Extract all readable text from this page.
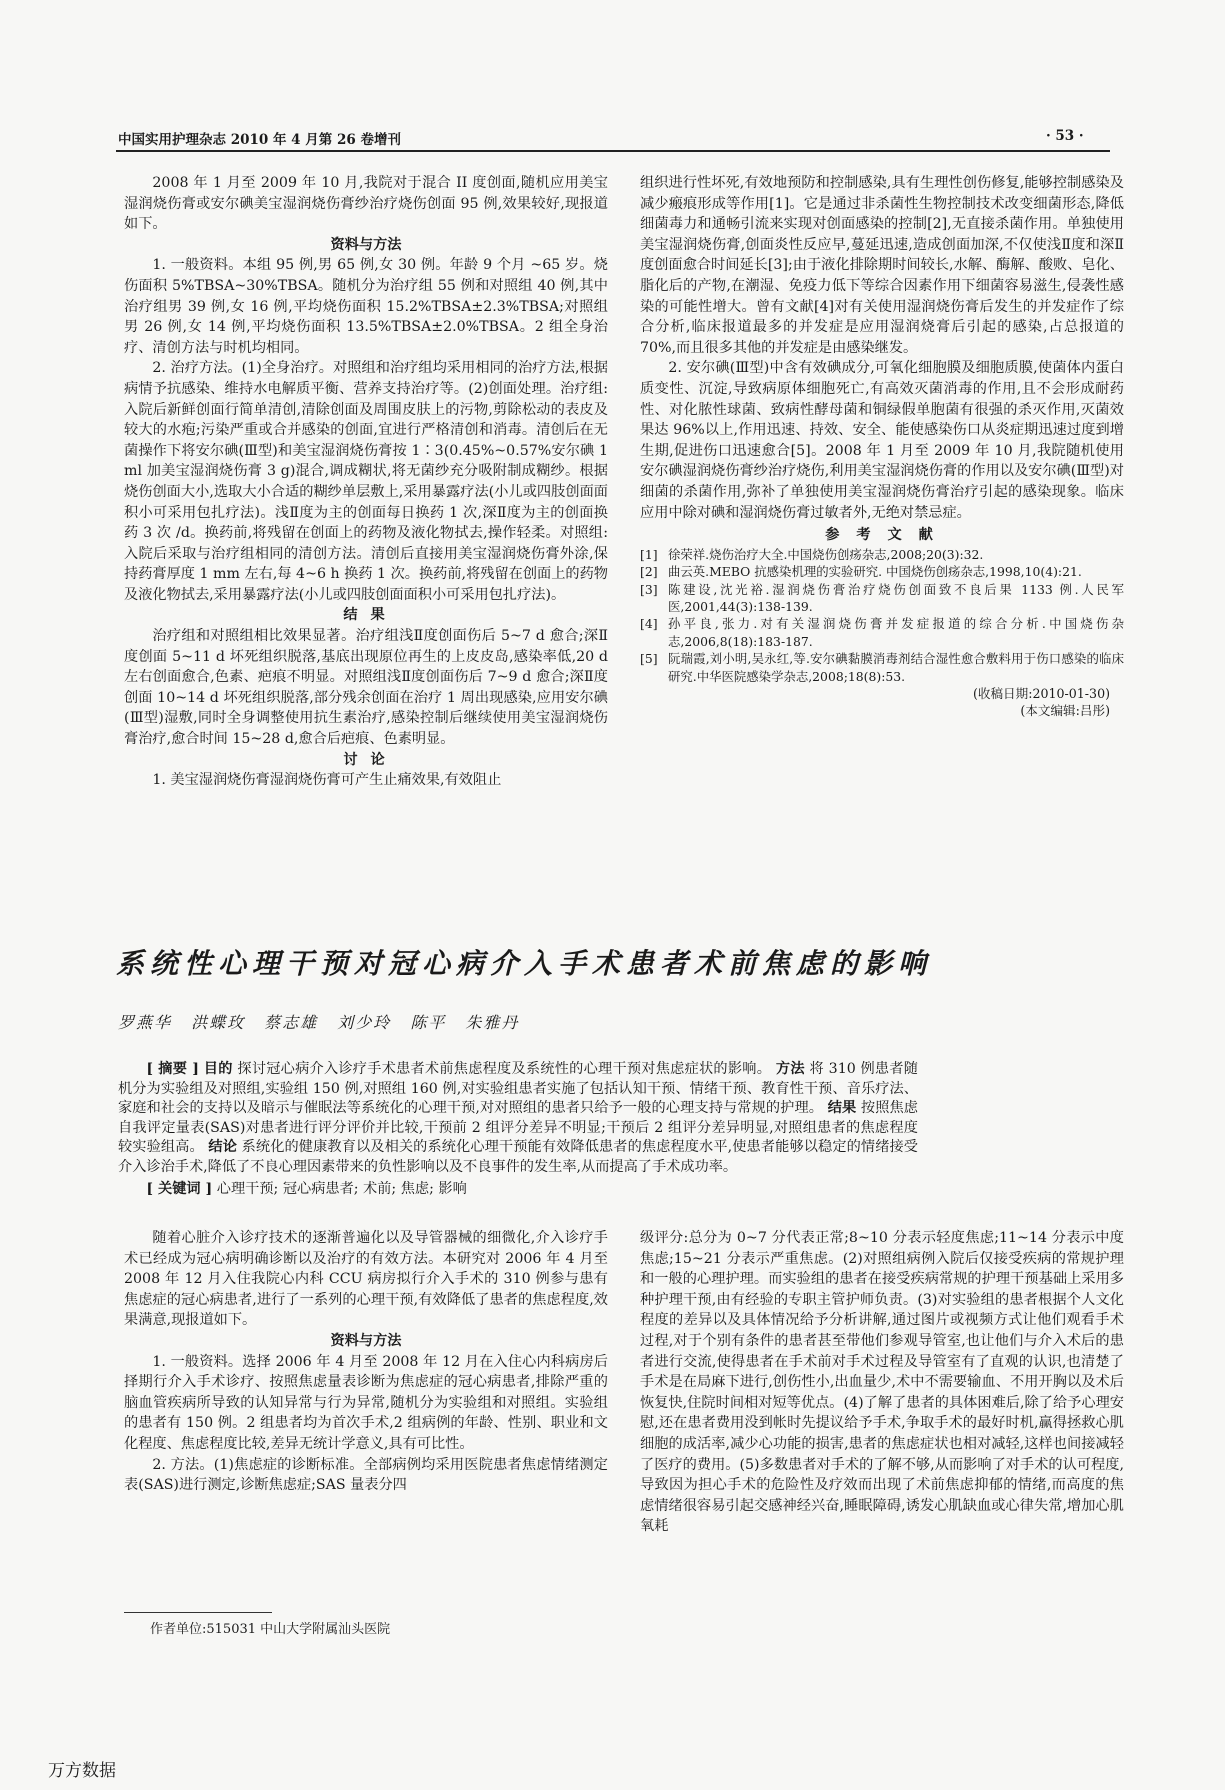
中国实用护理杂志 2010 年 4 月第 26 卷增刊	· 53 ·

2008 年 1 月至 2009 年 10 月,我院对于混合 II 度创面,随机应用美宝湿润烧伤膏或安尔碘美宝湿润烧伤膏纱治疗烧伤创面 95 例,效果较好,现报道如下。

资料与方法

1. 一般资料。本组 95 例,男 65 例,女 30 例。年龄 9 个月 ~65 岁。烧伤面积 5%TBSA~30%TBSA。随机分为治疗组 55 例和对照组 40 例,其中治疗组男 39 例,女 16 例,平均烧伤面积 15.2%TBSA±2.3%TBSA;对照组男 26 例,女 14 例,平均烧伤面积 13.5%TBSA±2.0%TBSA。2 组全身治疗、清创方法与时机均相同。

2. 治疗方法。(1)全身治疗。对照组和治疗组均采用相同的治疗方法,根据病情予抗感染、维持水电解质平衡、营养支持治疗等。(2)创面处理。治疗组:入院后新鲜创面行简单清创,清除创面及周围皮肤上的污物,剪除松动的表皮及较大的水疱;污染严重或合并感染的创面,宜进行严格清创和消毒。清创后在无菌操作下将安尔碘(Ⅲ型)和美宝湿润烧伤膏按 1∶3(0.45%~0.57%安尔碘 1 ml 加美宝湿润烧伤膏 3 g)混合,调成糊状,将无菌纱充分吸附制成糊纱。根据烧伤创面大小,选取大小合适的糊纱单层敷上,采用暴露疗法(小儿或四肢创面面积小可采用包扎疗法)。浅Ⅱ度为主的创面每日换药 1 次,深Ⅱ度为主的创面换药 3 次 /d。换药前,将残留在创面上的药物及液化物拭去,操作轻柔。对照组:入院后采取与治疗组相同的清创方法。清创后直接用美宝湿润烧伤膏外涂,保持药膏厚度 1 mm 左右,每 4~6 h 换药 1 次。换药前,将残留在创面上的药物及液化物拭去,采用暴露疗法(小儿或四肢创面面积小可采用包扎疗法)。

结 果

治疗组和对照组相比效果显著。治疗组浅Ⅱ度创面伤后 5~7 d 愈合;深Ⅱ度创面 5~11 d 坏死组织脱落,基底出现原位再生的上皮皮岛,感染率低,20 d 左右创面愈合,色素、疤痕不明显。对照组浅Ⅱ度创面伤后 7~9 d 愈合;深Ⅱ度创面 10~14 d 坏死组织脱落,部分残余创面在治疗 1 周出现感染,应用安尔碘(Ⅲ型)湿敷,同时全身调整使用抗生素治疗,感染控制后继续使用美宝湿润烧伤膏治疗,愈合时间 15~28 d,愈合后疤痕、色素明显。

讨 论

1. 美宝湿润烧伤膏湿润烧伤膏可产生止痛效果,有效阻止

组织进行性坏死,有效地预防和控制感染,具有生理性创伤修复,能够控制感染及减少瘢痕形成等作用[1]。它是通过非杀菌性生物控制技术改变细菌形态,降低细菌毒力和通畅引流来实现对创面感染的控制[2],无直接杀菌作用。单独使用美宝湿润烧伤膏,创面炎性反应早,蔓延迅速,造成创面加深,不仅使浅Ⅱ度和深Ⅱ度创面愈合时间延长[3];由于液化排除期时间较长,水解、酶解、酸败、皂化、脂化后的产物,在潮湿、免疫力低下等综合因素作用下细菌容易滋生,侵袭性感染的可能性增大。曾有文献[4]对有关使用湿润烧伤膏后发生的并发症作了综合分析,临床报道最多的并发症是应用湿润烧膏后引起的感染,占总报道的 70%,而且很多其他的并发症是由感染继发。

2. 安尔碘(Ⅲ型)中含有效碘成分,可氧化细胞膜及细胞质膜,使菌体内蛋白质变性、沉淀,导致病原体细胞死亡,有高效灭菌消毒的作用,且不会形成耐药性、对化脓性球菌、致病性酵母菌和铜绿假单胞菌有很强的杀灭作用,灭菌效果达 96%以上,作用迅速、持效、安全、能使感染伤口从炎症期迅速过度到增生期,促进伤口迅速愈合[5]。2008 年 1 月至 2009 年 10 月,我院随机使用安尔碘湿润烧伤膏纱治疗烧伤,利用美宝湿润烧伤膏的作用以及安尔碘(Ⅲ型)对细菌的杀菌作用,弥补了单独使用美宝湿润烧伤膏治疗引起的感染现象。临床应用中除对碘和湿润烧伤膏过敏者外,无绝对禁忌症。

参 考 文 献
[1] 徐荣祥.烧伤治疗大全.中国烧伤创疡杂志,2008;20(3):32.
[2] 曲云英.MEBO 抗感染机理的实验研究. 中国烧伤创疡杂志,1998,10(4):21.
[3] 陈建设,沈光裕.湿润烧伤膏治疗烧伤创面致不良后果 1133 例.人民军医,2001,44(3):138-139.
[4] 孙平良,张力.对有关湿润烧伤膏并发症报道的综合分析.中国烧伤杂志,2006,8(18):183-187.
[5] 阮瑞霞,刘小明,吴永红,等.安尔碘黏膜消毒剂结合湿性愈合敷料用于伤口感染的临床研究.中华医院感染学杂志,2008;18(8):53.
(收稿日期:2010-01-30)
(本文编辑:吕彤)
系统性心理干预对冠心病介入手术患者术前焦虑的影响
罗燕华 洪蝶玫 蔡志雄 刘少玲 陈平 朱雅丹

[ 摘要 ] 目的 探讨冠心病介入诊疗手术患者术前焦虑程度及系统性的心理干预对焦虑症状的影响。 方法 将 310 例患者随机分为实验组及对照组,实验组 150 例,对照组 160 例,对实验组患者实施了包括认知干预、情绪干预、教育性干预、音乐疗法、家庭和社会的支持以及暗示与催眠法等系统化的心理干预,对对照组的患者只给予一般的心理支持与常规的护理。 结果 按照焦虑自我评定量表(SAS)对患者进行评分评价并比较,干预前 2 组评分差异不明显;干预后 2 组评分差异明显,对照组患者的焦虑程度较实验组高。 结论 系统化的健康教育以及相关的系统化心理干预能有效降低患者的焦虑程度水平,使患者能够以稳定的情绪接受介入诊治手术,降低了不良心理因素带来的负性影响以及不良事件的发生率,从而提高了手术成功率。

[ 关键词 ] 心理干预; 冠心病患者; 术前; 焦虑; 影响

随着心脏介入诊疗技术的逐渐普遍化以及导管器械的细微化,介入诊疗手术已经成为冠心病明确诊断以及治疗的有效方法。本研究对 2006 年 4 月至 2008 年 12 月入住我院心内科 CCU 病房拟行介入手术的 310 例参与患有焦虑症的冠心病患者,进行了一系列的心理干预,有效降低了患者的焦虑程度,效果满意,现报道如下。

资料与方法

1. 一般资料。选择 2006 年 4 月至 2008 年 12 月在入住心内科病房后择期行介入手术诊疗、按照焦虑量表诊断为焦虑症的冠心病患者,排除严重的脑血管疾病所导致的认知异常与行为异常,随机分为实验组和对照组。实验组的患者有 150 例。2 组患者均为首次手术,2 组病例的年龄、性别、职业和文化程度、焦虑程度比较,差异无统计学意义,具有可比性。

2. 方法。(1)焦虑症的诊断标准。全部病例均采用医院患者焦虑情绪测定表(SAS)进行测定,诊断焦虑症;SAS 量表分四

级评分:总分为 0~7 分代表正常;8~10 分表示轻度焦虑;11~14 分表示中度焦虑;15~21 分表示严重焦虑。(2)对照组病例入院后仅接受疾病的常规护理和一般的心理护理。而实验组的患者在接受疾病常规的护理干预基础上采用多种护理干预,由有经验的专职主管护师负责。(3)对实验组的患者根据个人文化程度的差异以及具体情况给予分析讲解,通过图片或视频方式让他们观看手术过程,对于个别有条件的患者甚至带他们参观导管室,也让他们与介入术后的患者进行交流,使得患者在手术前对手术过程及导管室有了直观的认识,也清楚了手术是在局麻下进行,创伤性小,出血量少,术中不需要输血、不用开胸以及术后恢复快,住院时间相对短等优点。(4)了解了患者的具体困难后,除了给予心理安慰,还在患者费用没到帐时先提议给予手术,争取手术的最好时机,赢得拯救心肌细胞的成活率,减少心功能的损害,患者的焦虑症状也相对减轻,这样也间接减轻了医疗的费用。(5)多数患者对手术的了解不够,从而影响了对手术的认可程度,导致因为担心手术的危险性及疗效而出现了术前焦虑抑郁的情绪,而高度的焦虑情绪很容易引起交感神经兴奋,睡眠障碍,诱发心肌缺血或心律失常,增加心肌氧耗

作者单位:515031 中山大学附属汕头医院
万方数据
